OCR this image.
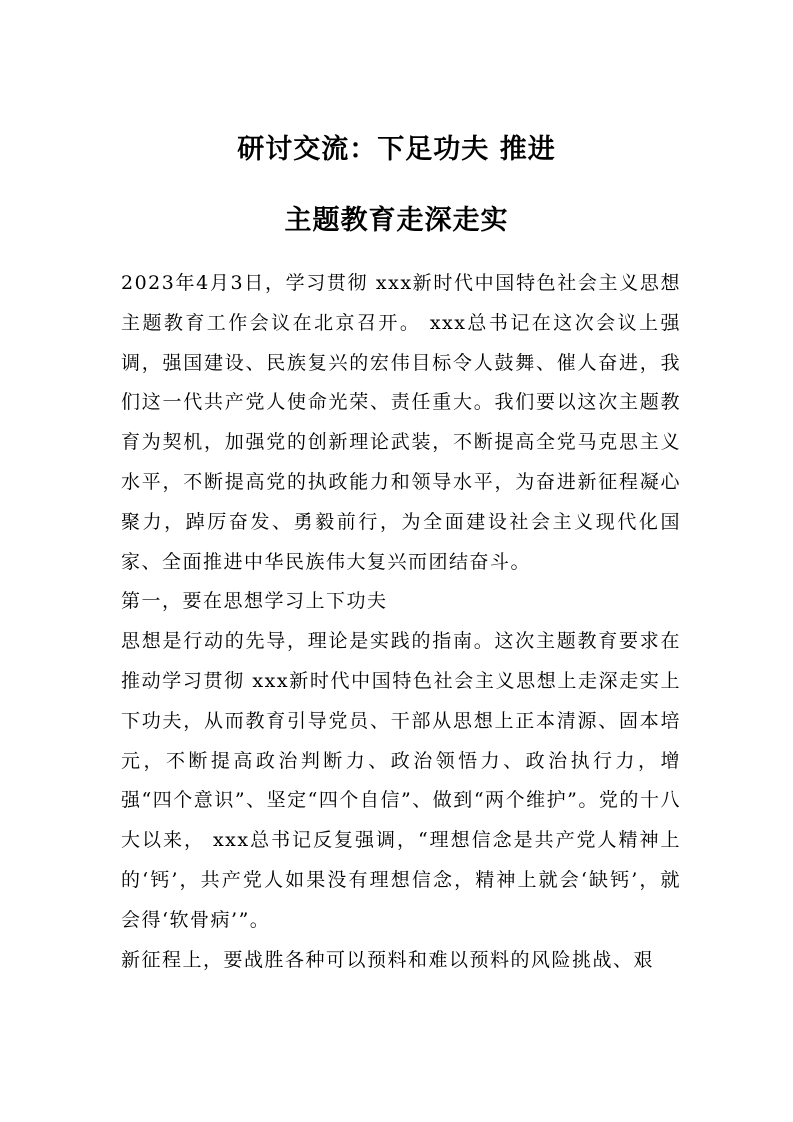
研讨交流：下足功夫 推进
主题教育走深走实

2023年4月3日，学习贯彻 xxx新时代中国特色社会主义思想主题教育工作会议在北京召开。 xxx总书记在这次会议上强调，强国建设、民族复兴的宏伟目标令人鼓舞、催人奋进，我们这一代共产党人使命光荣、责任重大。我们要以这次主题教育为契机，加强党的创新理论武装，不断提高全党马克思主义水平，不断提高党的执政能力和领导水平，为奋进新征程凝心聚力，踔厉奋发、勇毅前行，为全面建设社会主义现代化国家、全面推进中华民族伟大复兴而团结奋斗。

第一，要在思想学习上下功夫

思想是行动的先导，理论是实践的指南。这次主题教育要求在推动学习贯彻 xxx新时代中国特色社会主义思想上走深走实上下功夫，从而教育引导党员、干部从思想上正本清源、固本培元，不断提高政治判断力、政治领悟力、政治执行力，增强“四个意识”、坚定“四个自信”、做到“两个维护”。党的十八大以来， xxx总书记反复强调，“理想信念是共产党人精神上的‘钙’，共产党人如果没有理想信念，精神上就会‘缺钙’，就会得‘软骨病’”。

新征程上，要战胜各种可以预料和难以预料的风险挑战、艰
